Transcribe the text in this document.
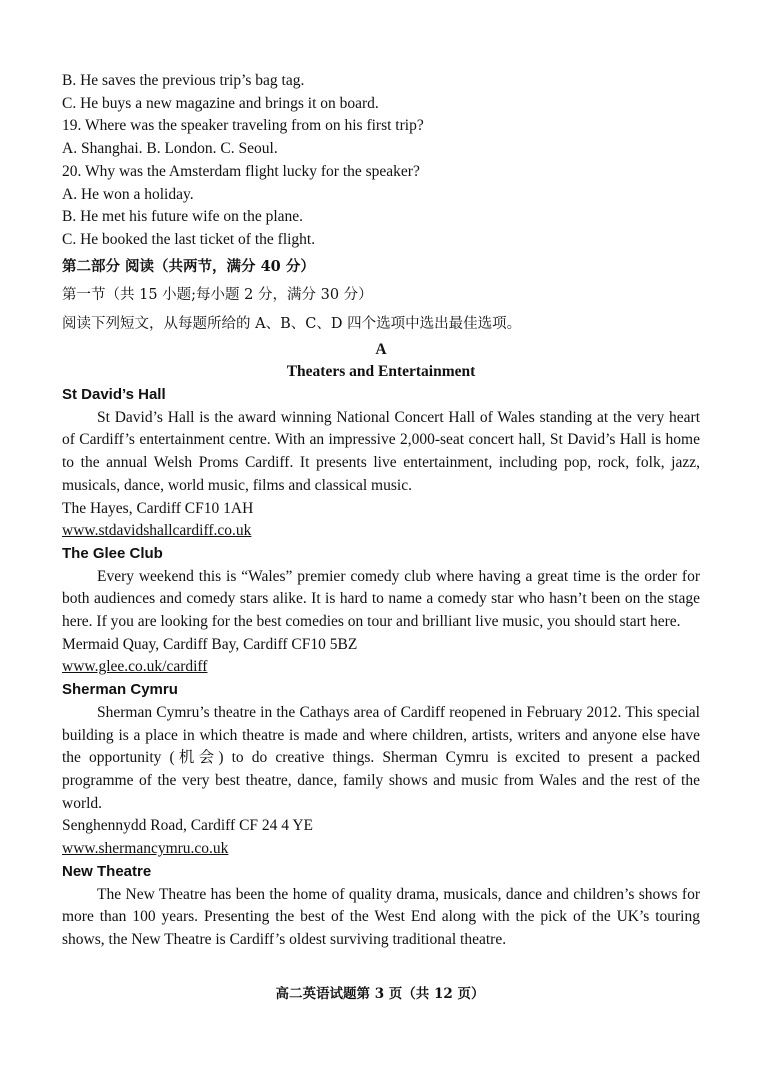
B. He saves the previous trip’s bag tag.
C. He buys a new magazine and brings it on board.
19. Where was the speaker traveling from on his first trip?
A. Shanghai. B. London. C. Seoul.
20. Why was the Amsterdam flight lucky for the speaker?
A. He won a holiday.
B. He met his future wife on the plane.
C. He booked the last ticket of the flight.
第二部分 阅读（共两节，满分 40 分）
第一节（共 15 小题;每小题 2 分，满分 30 分）
阅读下列短文，从每题所给的 A、B、C、D 四个选项中选出最佳选项。
A
Theaters and Entertainment
St David’s Hall

St David’s Hall is the award winning National Concert Hall of Wales standing at the very heart of Cardiff’s entertainment centre. With an impressive 2,000-seat concert hall, St David’s Hall is home to the annual Welsh Proms Cardiff. It presents live entertainment, including pop, rock, folk, jazz, musicals, dance, world music, films and classical music.

The Hayes, Cardiff CF10 1AH
www.stdavidshallcardiff.co.uk
The Glee Club

Every weekend this is “Wales” premier comedy club where having a great time is the order for both audiences and comedy stars alike. It is hard to name a comedy star who hasn’t been on the stage here. If you are looking for the best comedies on tour and brilliant live music, you should start here.

Mermaid Quay, Cardiff Bay, Cardiff CF10 5BZ
www.glee.co.uk/cardiff
Sherman Cymru

Sherman Cymru’s theatre in the Cathays area of Cardiff reopened in February 2012. This special building is a place in which theatre is made and where children, artists, writers and anyone else have the opportunity (机会) to do creative things. Sherman Cymru is excited to present a packed programme of the very best theatre, dance, family shows and music from Wales and the rest of the world.

Senghennydd Road, Cardiff CF 24 4 YE
www.shermancymru.co.uk
New Theatre

The New Theatre has been the home of quality drama, musicals, dance and children’s shows for more than 100 years. Presenting the best of the West End along with the pick of the UK’s touring shows, the New Theatre is Cardiff’s oldest surviving traditional theatre.

高二英语试题第 3 页（共 12 页）
